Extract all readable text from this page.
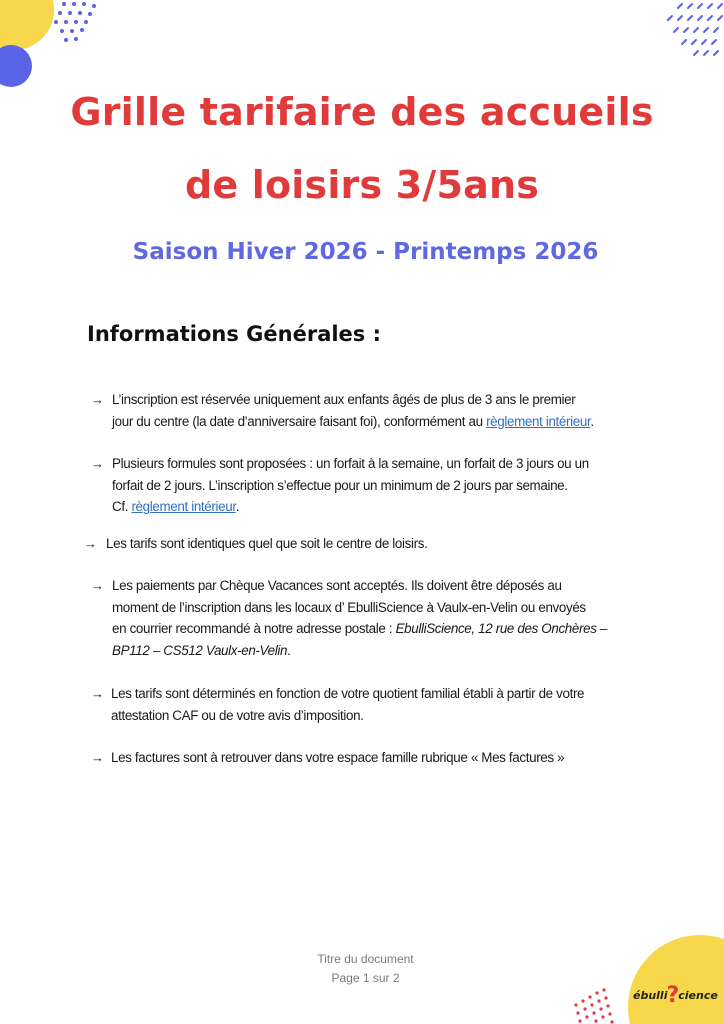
Grille tarifaire des accueils
de loisirs 3/5ans
Saison Hiver 2026 - Printemps 2026
Informations Générales :
→ L’inscription est réservée uniquement aux enfants âgés de plus de 3 ans le premier
jour du centre (la date d’anniversaire faisant foi), conformément au règlement intérieur.
→ Plusieurs formules sont proposées : un forfait à la semaine, un forfait de 3 jours ou un
forfait de 2 jours. L’inscription s’effectue pour un minimum de 2 jours par semaine.
Cf. règlement intérieur.
→ Les tarifs sont identiques quel que soit le centre de loisirs.
→ Les paiements par Chèque Vacances sont acceptés. Ils doivent être déposés au
moment de l’inscription dans les locaux d’ EbulliScience à Vaulx-en-Velin ou envoyés
en courrier recommandé à notre adresse postale : EbulliScience, 12 rue des Onchères –
BP112 – CS512 Vaulx-en-Velin.
→ Les tarifs sont déterminés en fonction de votre quotient familial établi à partir de votre
attestation CAF ou de votre avis d’imposition.
→ Les factures sont à retrouver dans votre espace famille rubrique « Mes factures »

Titre du document

Page 1 sur 2

ébulli?cience
